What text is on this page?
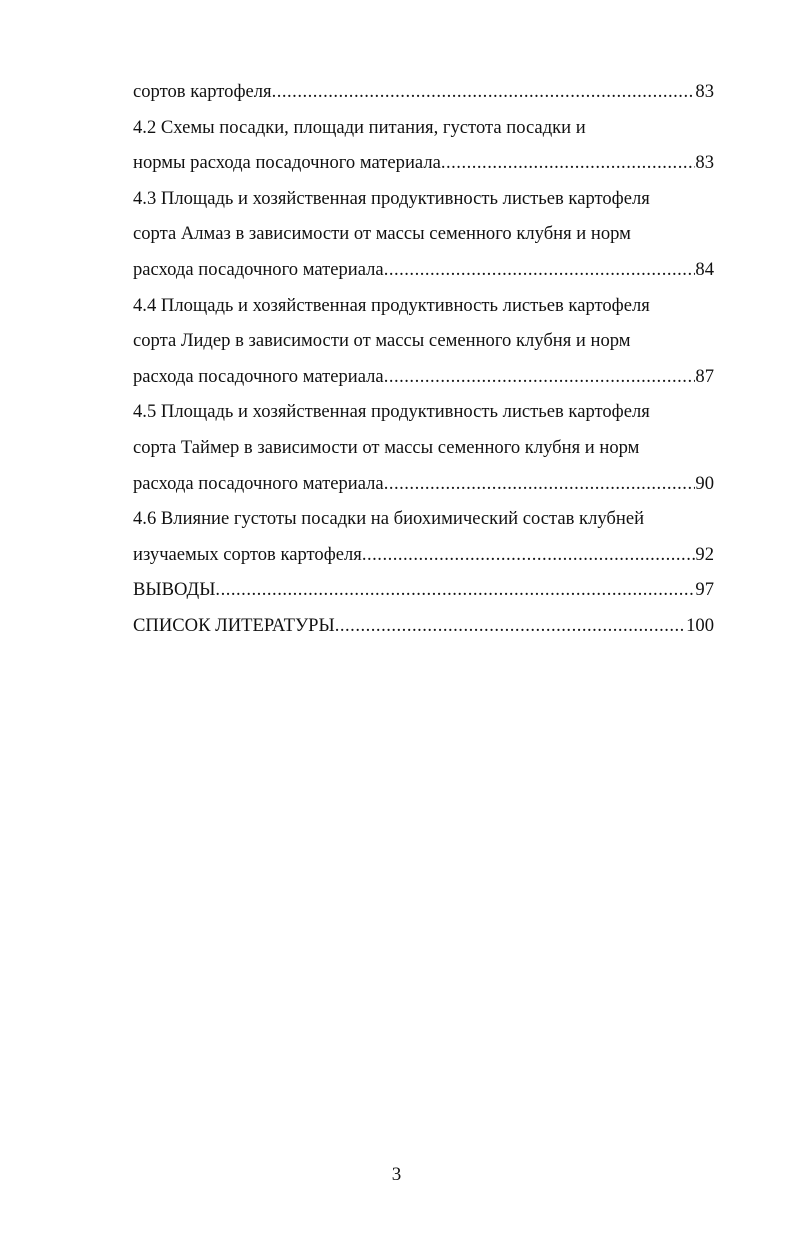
сортов картофеля .....	83
4.2 Схемы посадки, площади питания, густота посадки и
нормы расхода посадочного материала .....	83
4.3 Площадь и хозяйственная продуктивность листьев картофеля
сорта Алмаз в зависимости от массы семенного клубня и норм
расхода посадочного материала .....	84
4.4 Площадь и хозяйственная продуктивность листьев картофеля
сорта Лидер в зависимости от массы семенного клубня и норм
расхода посадочного материала .....	87
4.5 Площадь и хозяйственная продуктивность листьев картофеля
сорта Таймер в зависимости от массы семенного клубня и норм
расхода посадочного материала .....	90
4.6 Влияние густоты посадки на биохимический состав клубней
изучаемых сортов картофеля .....	92
ВЫВОДЫ .....	97
СПИСОК ЛИТЕРАТУРЫ .....	100
3
